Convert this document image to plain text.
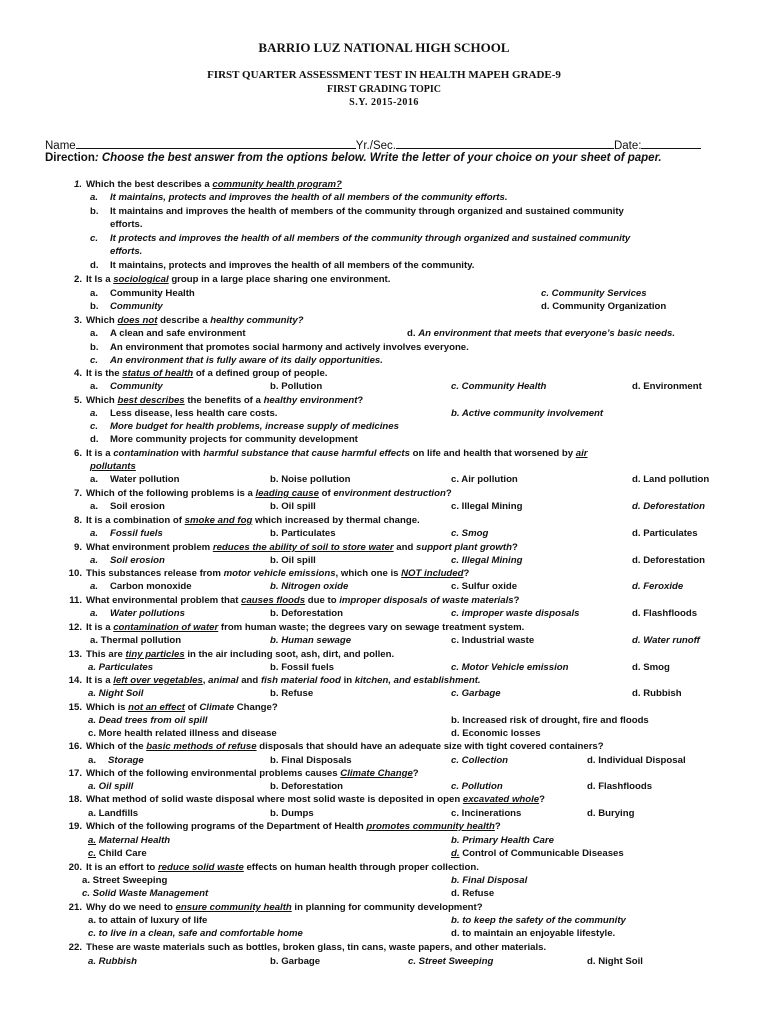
BARRIO LUZ NATIONAL HIGH SCHOOL
FIRST QUARTER ASSESSMENT TEST IN HEALTH MAPEH GRADE-9
FIRST GRADING TOPIC
S.Y. 2015-2016
Name	Yr./Sec.	Date:
Direction: Choose the best answer from the options below. Write the letter of your choice on your sheet of paper.
1. Which the best describes a community health program?
a. It maintains, protects and improves the health of all members of the community efforts.
b. It maintains and improves the health of members of the community through organized and sustained community
efforts.
c. It protects and improves the health of all members of the community through organized and sustained community
efforts.
d. It maintains, protects and improves the health of all members of the community.
2. It Is a sociological group in a large place sharing one environment.
a. Community Health	c. Community Services
b. Community	d. Community Organization
3. Which does not describe a healthy community?
a. A clean and safe environment	d. An environment that meets that everyone’s basic needs.
b. An environment that promotes social harmony and actively involves everyone.
c. An environment that is fully aware of its daily opportunities.
4. It is the status of health of a defined group of people.
a. Community	b. Pollution	c. Community Health	d. Environment
5. Which best describes the benefits of a healthy environment?
a. Less disease, less health care costs.	b. Active community involvement
c. More budget for health problems, increase supply of medicines
d. More community projects for community development
6. It is a contamination with harmful substance that cause harmful effects on life and health that worsened by air
pollutants
a. Water pollution	b. Noise pollution	c. Air pollution	d. Land pollution
7. Which of the following problems is a leading cause of environment destruction?
a. Soil erosion	b. Oil spill	c. Illegal Mining	d. Deforestation
8. It is a combination of smoke and fog which increased by thermal change.
a. Fossil fuels	b. Particulates	c. Smog	d. Particulates
9. What environment problem reduces the ability of soil to store water and support plant growth?
a. Soil erosion	b. Oil spill	c. Illegal Mining	d. Deforestation
10. This substances release from motor vehicle emissions, which one is NOT included?
a. Carbon monoxide	b. Nitrogen oxide	c. Sulfur oxide	d. Feroxide
11. What environmental problem that causes floods due to improper disposals of waste materials?
a. Water pollutions	b. Deforestation	c. improper waste disposals	d. Flashfloods
12. It is a contamination of water from human waste; the degrees vary on sewage treatment system.
a. Thermal pollution	b. Human sewage	c. Industrial waste	d. Water runoff
13. This are tiny particles in the air including soot, ash, dirt, and pollen.
a. Particulates	b. Fossil fuels	c. Motor Vehicle emission	d. Smog
14. It is a left over vegetables, animal and fish material food in kitchen, and establishment.
a. Night Soil	b. Refuse	c. Garbage	d. Rubbish
15. Which is not an effect of Climate Change?
a. Dead trees from oil spill	b. Increased risk of drought, fire and floods
c. More health related illness and disease	d. Economic losses
16. Which of the basic methods of refuse disposals that should have an adequate size with tight covered containers?
a. Storage	b. Final Disposals	c. Collection	d. Individual Disposal
17. Which of the following environmental problems causes Climate Change?
a. Oil spill	b. Deforestation	c. Pollution	d. Flashfloods
18. What method of solid waste disposal where most solid waste is deposited in open excavated whole?
a. Landfills	b. Dumps	c. Incinerations	d. Burying
19. Which of the following programs of the Department of Health promotes community health?
a. Maternal Health	b. Primary Health Care
c. Child Care	d. Control of Communicable Diseases
20. It is an effort to reduce solid waste effects on human health through proper collection.
a. Street Sweeping	b. Final Disposal
c. Solid Waste Management	d. Refuse
21. Why do we need to ensure community health in planning for community development?
a. to attain of luxury of life	b. to keep the safety of the community
c. to live in a clean, safe and comfortable home	d. to maintain an enjoyable lifestyle.
22. These are waste materials such as bottles, broken glass, tin cans, waste papers, and other materials.
a. Rubbish	b. Garbage	c. Street Sweeping	d. Night Soil
